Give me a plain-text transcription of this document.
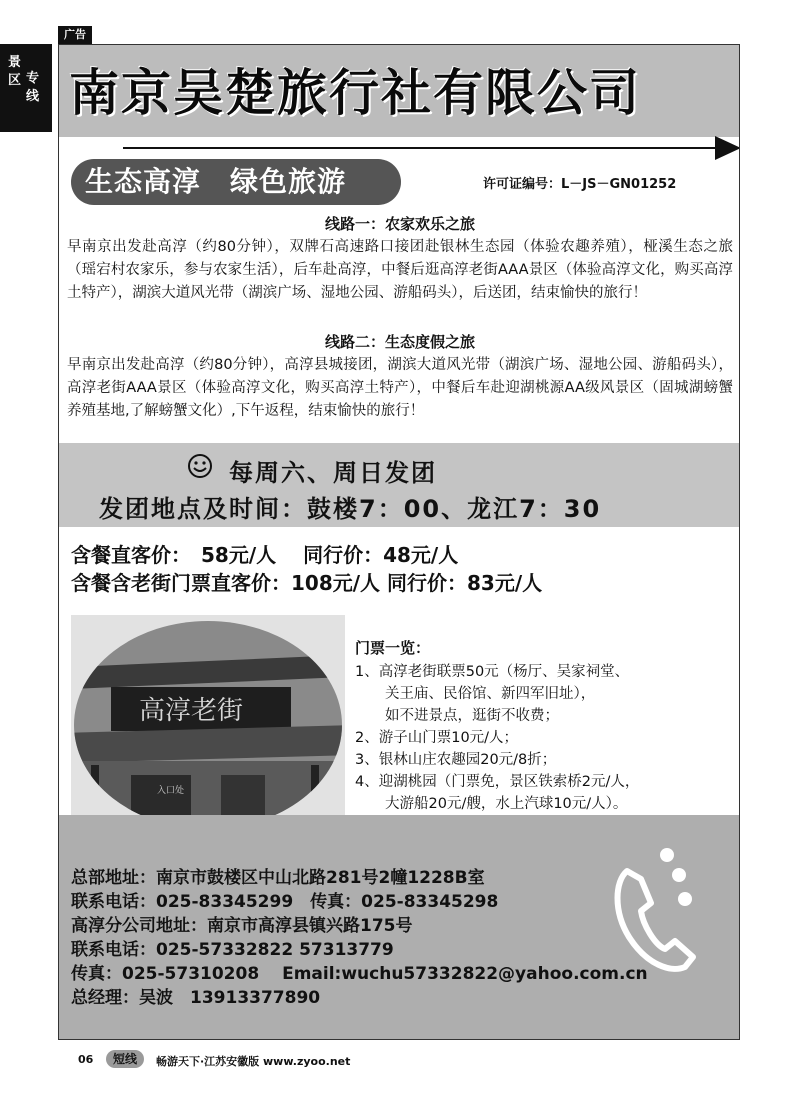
景区 专线
广告
南京吴楚旅行社有限公司
生态高淳　绿色旅游	许可证编号：L－JS－GN01252
线路一：农家欢乐之旅
早南京出发赴高淳（约80分钟），双牌石高速路口接团赴银林生态园（体验农趣养殖），桠溪生态之旅（瑶宕村农家乐，参与农家生活），后车赴高淳，中餐后逛高淳老街AAA景区（体验高淳文化，购买高淳土特产），湖滨大道风光带（湖滨广场、湿地公园、游船码头），后送团，结束愉快的旅行！
线路二：生态度假之旅
早南京出发赴高淳（约80分钟），高淳县城接团，湖滨大道风光带（湖滨广场、湿地公园、游船码头），高淳老街AAA景区（体验高淳文化，购买高淳土特产），中餐后车赴迎湖桃源AA级风景区（固城湖螃蟹养殖基地,了解螃蟹文化）,下午返程，结束愉快的旅行！
每周六、周日发团
发团地点及时间：鼓楼7：00、龙江7：30
含餐直客价：　58元/人　 同行价：48元/人
含餐含老街门票直客价：108元/人 同行价：83元/人
高淳老街
入口处
门票一览：
1、高淳老街联票50元（杨厅、吴家祠堂、
关王庙、民俗馆、新四军旧址），
如不进景点，逛街不收费；
2、游子山门票10元/人；
3、银林山庄农趣园20元/8折；
4、迎湖桃园（门票免，景区铁索桥2元/人，
大游船20元/艘，水上汽球10元/人）。
总部地址：南京市鼓楼区中山北路281号2幢1228B室
联系电话：025-83345299　传真：025-83345298
高淳分公司地址：南京市高淳县镇兴路175号
联系电话：025-57332822 57313779
传真：025-57310208　 Email:wuchu57332822@yahoo.com.cn
总经理：吴波　13913377890
06	短线	畅游天下·江苏安徽版 www.zyoo.net
